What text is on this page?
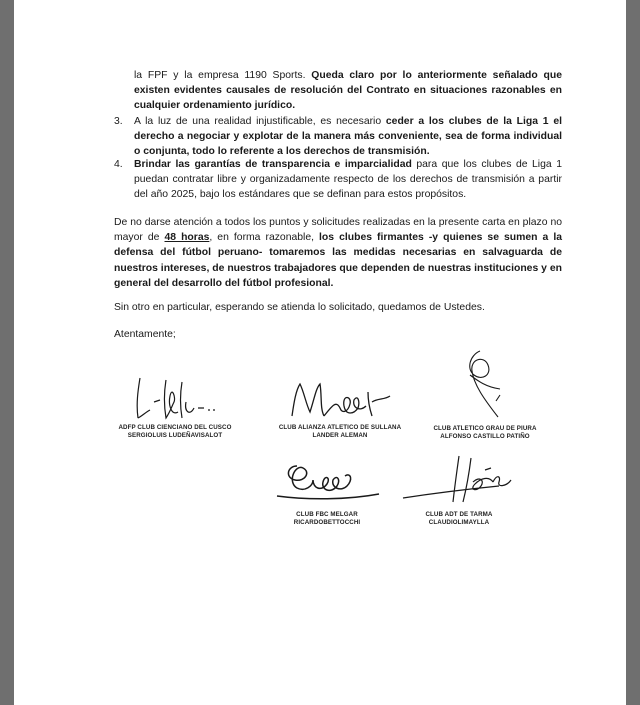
la FPF y la empresa 1190 Sports. Queda claro por lo anteriormente señalado que existen evidentes causales de resolución del Contrato en situaciones razonables en cualquier ordenamiento jurídico.
3. A la luz de una realidad injustificable, es necesario ceder a los clubes de la Liga 1 el derecho a negociar y explotar de la manera más conveniente, sea de forma individual o conjunta, todo lo referente a los derechos de transmisión.
4. Brindar las garantías de transparencia e imparcialidad para que los clubes de Liga 1 puedan contratar libre y organizadamente respecto de los derechos de transmisión a partir del año 2025, bajo los estándares que se definan para estos propósitos.
De no darse atención a todos los puntos y solicitudes realizadas en la presente carta en plazo no mayor de 48 horas, en forma razonable, los clubes firmantes -y quienes se sumen a la defensa del fútbol peruano- tomaremos las medidas necesarias en salvaguarda de nuestros intereses, de nuestros trabajadores que dependen de nuestras instituciones y en general del desarrollo del fútbol profesional.
Sin otro en particular, esperando se atienda lo solicitado, quedamos de Ustedes.
Atentamente;
ADFP CLUB CIENCIANO DEL CUSCO
SERGIOLUIS LUDEÑAVISALOT
CLUB ALIANZA ATLETICO DE SULLANA
LANDER ALEMAN
CLUB ATLETICO GRAU DE PIURA
ALFONSO CASTILLO PATIÑO
CLUB FBC MELGAR
RICARDOBETTOCCHI
CLUB ADT DE TARMA
CLAUDIOLIMAYLLA
